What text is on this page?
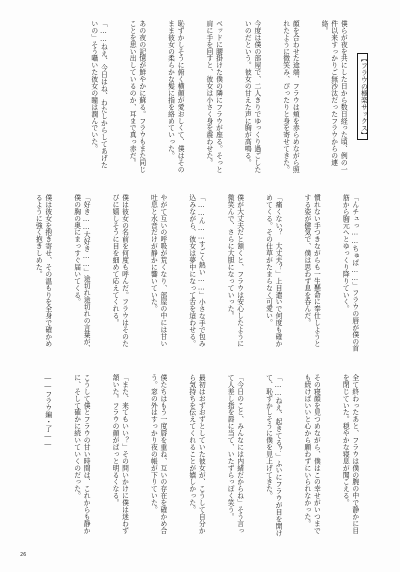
【フラウの極楽サックス】

僕らが夜を共にした日から数日経った頃、例の一件以来すっかりご無沙汰だったフラウからの連絡。

顔を合わせた途端、フラウは頬を赤らめながら照れたように微笑み、ぴったりと身を寄せてきた。

今度は僕の部屋で、二人きりでゆっくり過ごしたいのだという。彼女の甘えた声に胸が高鳴る。

ベッドに腰掛けた僕の隣にフラウが座る。そっと肩に手を回すと、彼女は小さく身を震わせた。

恥ずかしそうに俯く横顔が愛おしくて、僕はそのまま彼女の柔らかな髪に指を絡めていった。

あの夜の記憶が鮮やかに蘇る。フラウもまた同じことを思い出しているのか、耳まで真っ赤だ。

「……ねえ、今日はね、わたしからしてあげたいの」そう囁いた彼女の瞳は潤んでいた。

「んチュっ……ちゅぱ……」フラウの唇が僕の首筋から胸元へとゆっくり降りていく。

慣れない手つきながらも一生懸命に奉仕しようとする姿が健気で、僕は思わず息を呑んだ。

「痛くない？　大丈夫？」上目遣いで何度も確かめてくる。その仕草がたまらなく可愛い。

僕が大丈夫だと頷くと、フラウは安心したように微笑んで、さらに大胆になっていった。

「……ん……すごく熱い……」小さな手で包み込みながら、彼女は夢中になって舌を這わせる。

やがて互いの呼吸が荒くなり、部屋の中には甘い吐息と水音だけが静かに響いていた。

僕は彼女の名前を何度も呼んだ。フラウはそのたびに嬉しそうに目を細めて応えてくれる。

「好き……大好き……」途切れ途切れの言葉が、僕の胸の奥にまっすぐ届いてくる。

僕は彼女を抱き寄せ、その温もりを全身で確かめるように強く抱きしめた。

全て終わったあと、フラウは僕の腕の中で静かに目を閉じていた。穏やかな寝息が聞こえる。

その寝顔を見つめながら、僕はこの幸せがいつまでも続けばいいと心から願わずにいられなかった。

「……ねえ、起きてる？」ふいにフラウが目を開けて、恥ずかしそうに僕を見上げてきた。

「今日のこと、みんなには内緒だからね」そう言って人差し指を唇に当て、いたずらっぽく笑う。

最初はおずおずとしていた彼女が、こうして自分から気持ちを伝えてくれることが嬉しかった。

僕たちはもう一度唇を重ね、互いの存在を確かめ合う。窓の外はすっかり夜の帳が下りていた。

「また、来てもいい？」その問いかけに僕は迷わず頷いた。フラウの顔がぱっと明るくなる。

こうして僕とフラウの甘い時間は、これからも静かに、そして確かに続いていくのだった。

――フラウ編・了――

26
